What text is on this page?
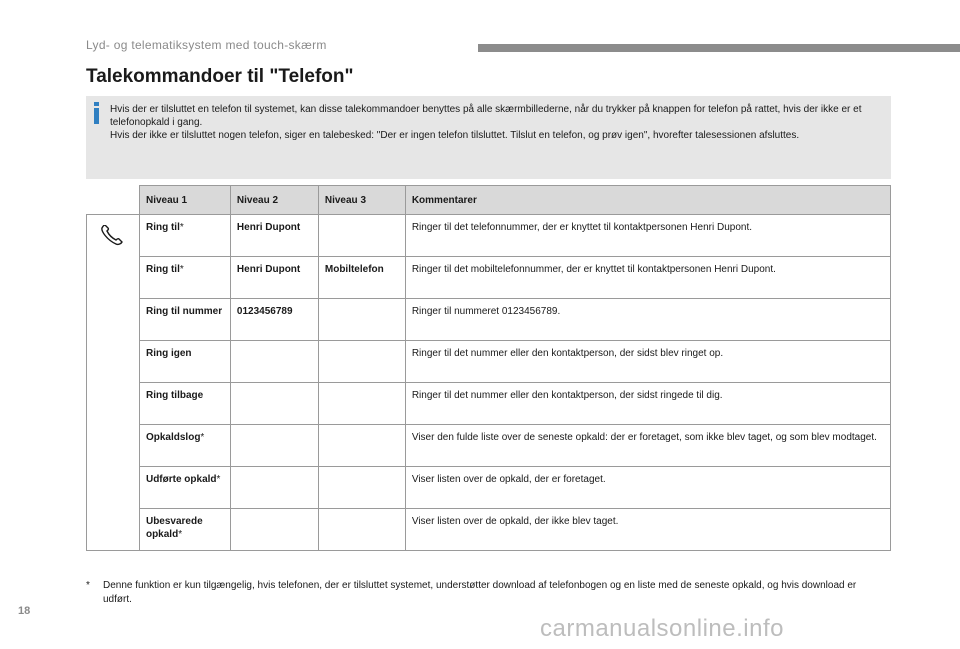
Lyd- og telematiksystem med touch-skærm
Talekommandoer til "Telefon"

Hvis der er tilsluttet en telefon til systemet, kan disse talekommandoer benyttes på alle skærmbillederne, når du trykker på knappen for telefon på rattet, hvis der ikke er et telefonopkald i gang.

Hvis der ikke er tilsluttet nogen telefon, siger en talebesked: "Der er ingen telefon tilsluttet. Tilslut en telefon, og prøv igen", hvorefter talesessionen afsluttes.

	Niveau 1	Niveau 2	Niveau 3	Kommentarer
	Ring til*	Henri Dupont		Ringer til det telefonnummer, der er knyttet til kontaktpersonen Henri Dupont.
	Ring til*	Henri Dupont	Mobiltelefon	Ringer til det mobiltelefonnummer, der er knyttet til kontaktpersonen Henri Dupont.
	Ring til nummer	0123456789		Ringer til nummeret 0123456789.
	Ring igen			Ringer til det nummer eller den kontaktperson, der sidst blev ringet op.
	Ring tilbage			Ringer til det nummer eller den kontaktperson, der sidst ringede til dig.
	Opkaldslog*			Viser den fulde liste over de seneste opkald: der er foretaget, som ikke blev taget, og som blev modtaget.
	Udførte opkald*			Viser listen over de opkald, der er foretaget.
	Ubesvarede opkald*			Viser listen over de opkald, der ikke blev taget.
* Denne funktion er kun tilgængelig, hvis telefonen, der er tilsluttet systemet, understøtter download af telefonbogen og en liste med de seneste opkald, og hvis download er udført.
18
carmanualsonline.info
